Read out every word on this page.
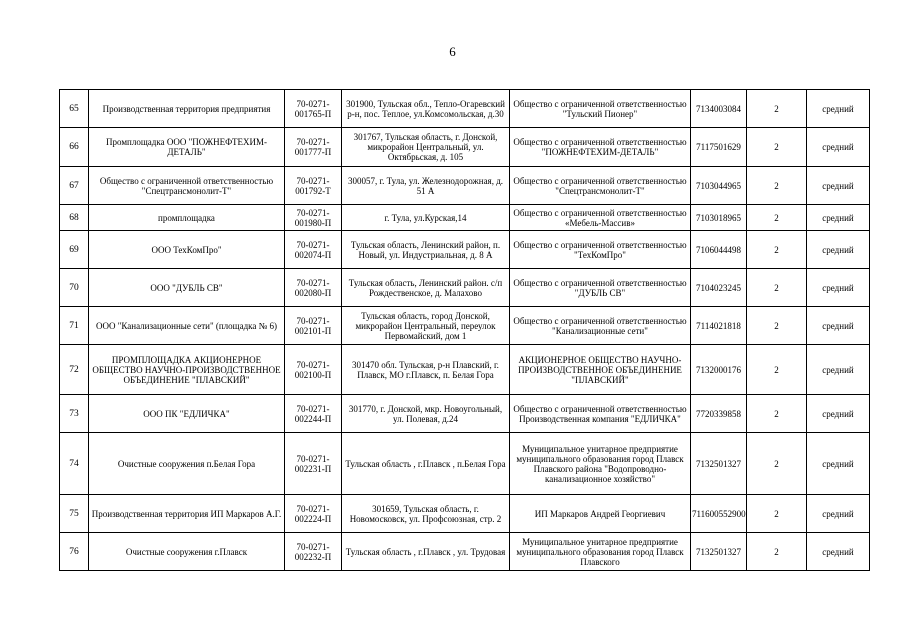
6
65	Производственная территория предприятия	70-0271-001765-П	301900, Тульская обл., Тепло-Огаревский р-н, пос. Теплое, ул.Комсомольская, д.30	Общество с ограниченной ответственностью "Тульский Пионер"	7134003084	2	средний
66	Промплощадка ООО "ПОЖНЕФТЕХИМ-ДЕТАЛЬ"	70-0271-001777-П	301767, Тульская область, г. Донской, микрорайон Центральный, ул. Октябрьская, д. 105	Общество с ограниченной ответственностью "ПОЖНЕФТЕХИМ-ДЕТАЛЬ"	7117501629	2	средний
67	Общество с ограниченной ответственностью "Спецтрансмонолит-Т"	70-0271-001792-Т	300057, г. Тула, ул. Железнодорожная, д. 51 А	Общество с ограниченной ответственностью "Спецтрансмонолит-Т"	7103044965	2	средний
68	промплощадка	70-0271-001980-П	г. Тула, ул.Курская,14	Общество с ограниченной ответственностью «Мебель-Массив»	7103018965	2	средний
69	ООО ТехКомПро"	70-0271-002074-П	Тульская область, Ленинский район, п. Новый, ул. Индустриальная, д. 8 А	Общество с ограниченной ответственностью "ТехКомПро"	7106044498	2	средний
70	ООО "ДУБЛЬ СВ"	70-0271-002080-П	Тульская область, Ленинский район. с/п Рождественское, д. Малахово	Общество с ограниченной ответственностью "ДУБЛЬ СВ"	7104023245	2	средний
71	ООО "Канализационные сети" (площадка № 6)	70-0271-002101-П	Тульская область, город Донской, микрорайон Центральный, переулок Первомайский, дом 1	Общество с ограниченной ответственностью "Канализационные сети"	7114021818	2	средний
72	ПРОМПЛОЩАДКА АКЦИОНЕРНОЕ ОБЩЕСТВО НАУЧНО-ПРОИЗВОДСТВЕННОЕ ОБЪЕДИНЕНИЕ "ПЛАВСКИЙ"	70-0271-002100-П	301470 обл. Тульская, р-н Плавский, г. Плавск, МО г.Плавск, п. Белая Гора	АКЦИОНЕРНОЕ ОБЩЕСТВО НАУЧНО- ПРОИЗВОДСТВЕННОЕ ОБЪЕДИНЕНИЕ "ПЛАВСКИЙ"	7132000176	2	средний
73	ООО ПК "ЕДЛИЧКА"	70-0271-002244-П	301770, г. Донской, мкр. Новоугольный, ул. Полевая, д.24	Общество с ограниченной ответственностью Производственная компания "ЕДЛИЧКА"	7720339858	2	средний
74	Очистные сооружения п.Белая Гора	70-0271-002231-П	Тульская область , г.Плавск , п.Белая Гора	Муниципальное унитарное предприятие муниципального образования город Плавск Плавского района "Водопроводно-канализационное хозяйство"	7132501327	2	средний
75	Производственная территория ИП Маркаров А.Г.	70-0271-002224-П	301659, Тульская область, г. Новомосковск, ул. Профсоюзная, стр. 2	ИП Маркаров Андрей Георгиевич	711600552900	2	средний
76	Очистные сооружения г.Плавск	70-0271-002232-П	Тульская область , г.Плавск , ул. Трудовая	Муниципальное унитарное предприятие муниципального образования город Плавск Плавского	7132501327	2	средний
